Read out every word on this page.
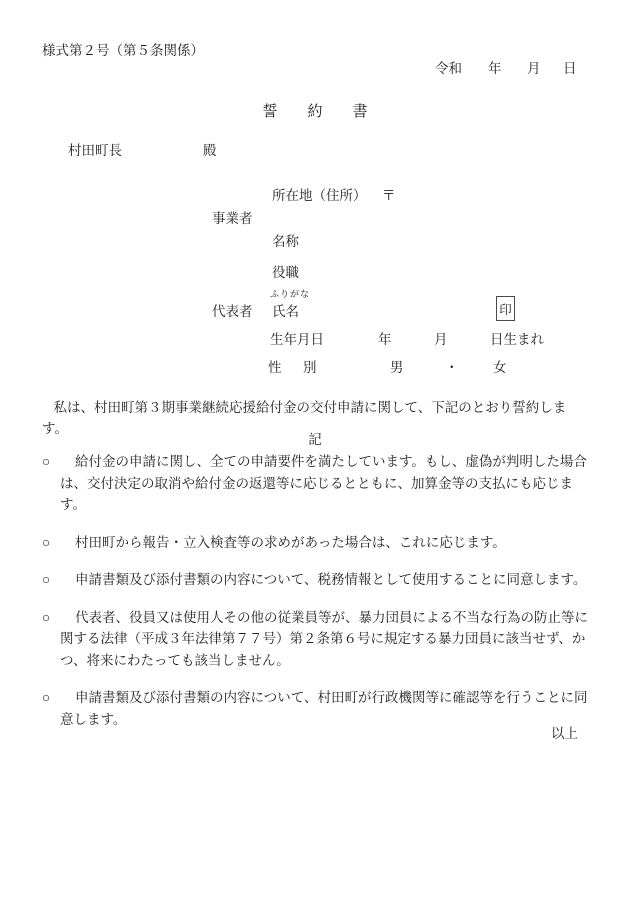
様式第２号（第５条関係）
令和 年 月 日
誓　　約　　書
村田町長	殿
所在地（住所） 〒
事業者
名称
役職
ふりがな
代表者 氏名	印
生年月日	年	月	日生まれ
性 別	男	・	女
私は、村田町第３期事業継続応援給付金の交付申請に関して、下記のとおり誓約します。
記
○	給付金の申請に関し、全ての申請要件を満たしています。もし、虚偽が判明した場合
は、交付決定の取消や給付金の返還等に応じるとともに、加算金等の支払にも応じます。
○	村田町から報告・立入検査等の求めがあった場合は、これに応じます。
○	申請書類及び添付書類の内容について、税務情報として使用することに同意します。
○	代表者、役員又は使用人その他の従業員等が、暴力団員による不当な行為の防止等に
関する法律（平成３年法律第７７号）第２条第６号に規定する暴力団員に該当せず、か
つ、将来にわたっても該当しません。
○	申請書類及び添付書類の内容について、村田町が行政機関等に確認等を行うことに同
意します。
以上
